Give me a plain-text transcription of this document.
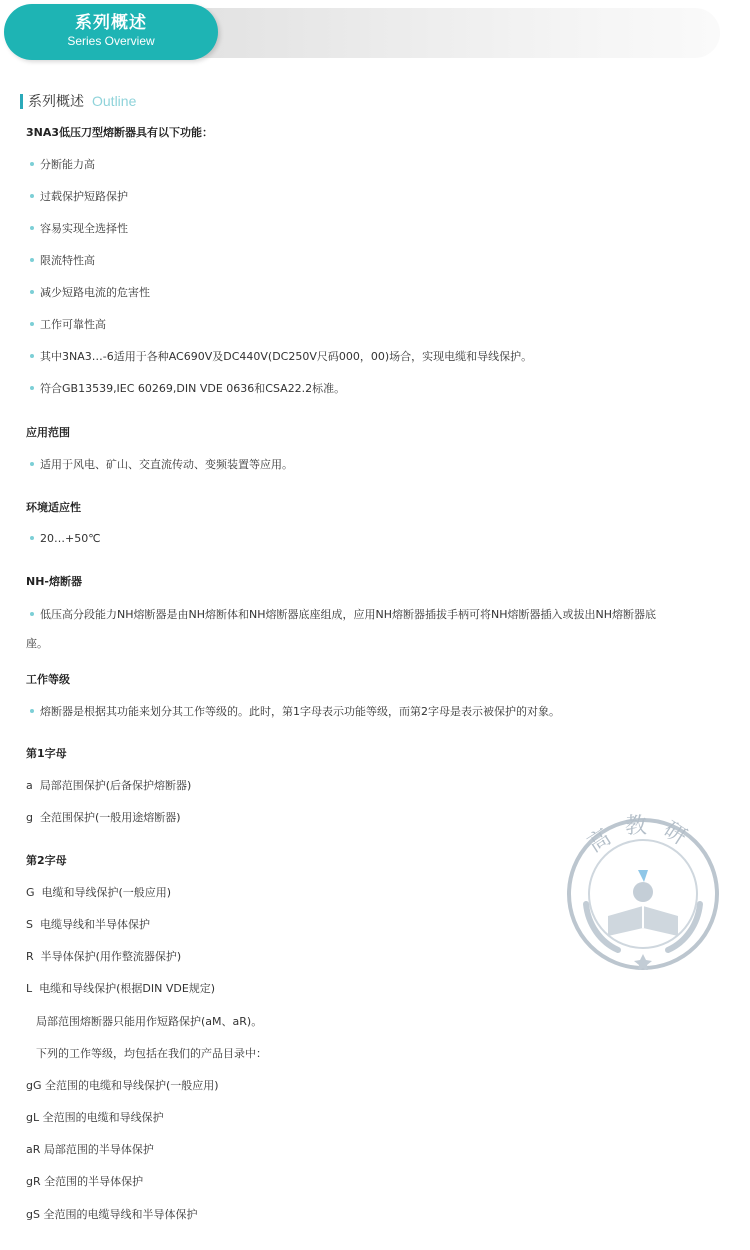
系列概述
Series Overview
系列概述 Outline
3NA3低压刀型熔断器具有以下功能：
分断能力高
过载保护短路保护
容易实现全选择性
限流特性高
减少短路电流的危害性
工作可靠性高
其中3NA3…-6适用于各种AC690V及DC440V(DC250V尺码000，00)场合，实现电缆和导线保护。
符合GB13539,IEC 60269,DIN VDE 0636和CSA22.2标准。
应用范围
适用于风电、矿山、交直流传动、变频装置等应用。
环境适应性
20…+50℃
NH-熔断器
低压高分段能力NH熔断器是由NH熔断体和NH熔断器底座组成，应用NH熔断器插拔手柄可将NH熔断器插入或拔出NH熔断器底座。
工作等级
熔断器是根据其功能来划分其工作等级的。此时，第1字母表示功能等级，而第2字母是表示被保护的对象。
第1字母
a  局部范围保护(后备保护熔断器)
g  全范围保护(一般用途熔断器)
第2字母
G  电缆和导线保护(一般应用)
S  电缆导线和半导体保护
R  半导体保护(用作整流器保护)
L  电缆和导线保护(根据DIN VDE规定)
局部范围熔断器只能用作短路保护(aM、aR)。
下列的工作等级，均包括在我们的产品目录中：
gG 全范围的电缆和导线保护(一般应用)
gL 全范围的电缆和导线保护
aR 局部范围的半导体保护
gR 全范围的半导体保护
gS 全范围的电缆导线和半导体保护
高教研
